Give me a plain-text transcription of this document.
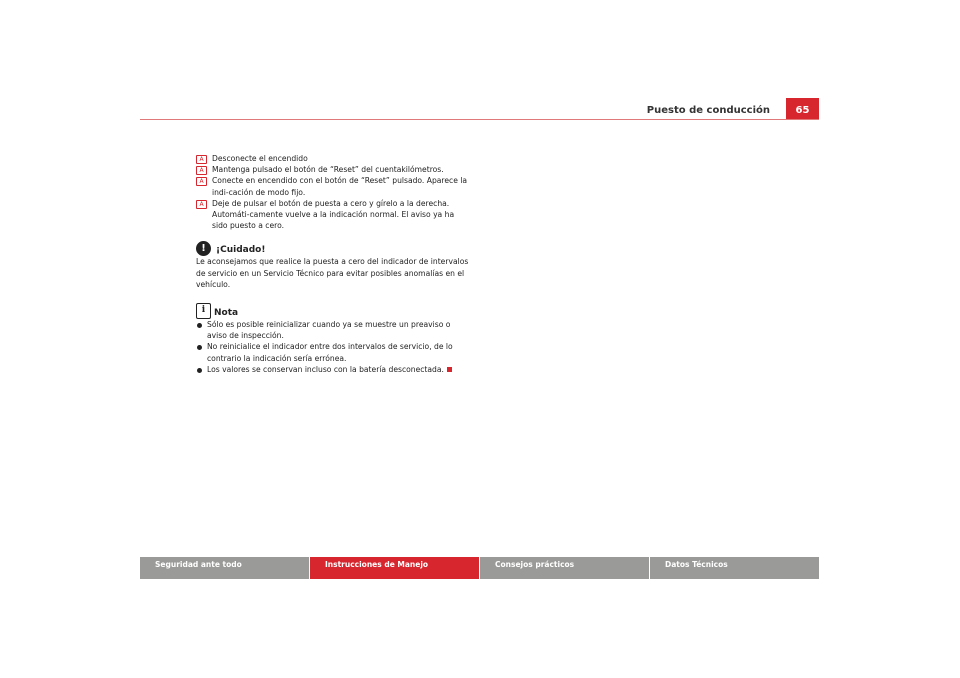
Puesto de conducción	65
A	Desconecte el encendido
A	Mantenga pulsado el botón de “Reset” del cuentakilómetros.
A	Conecte en encendido con el botón de “Reset” pulsado. Aparece la indi-cación de modo fijo.
A	Deje de pulsar el botón de puesta a cero y gírelo a la derecha. Automáti-camente vuelve a la indicación normal. El aviso ya ha sido puesto a cero.
!	¡Cuidado!
Le aconsejamos que realice la puesta a cero del indicador de intervalos de servicio en un Servicio Técnico para evitar posibles anomalías en el vehículo.
i Nota
Sólo es posible reinicializar cuando ya se muestre un preaviso o aviso de inspección.
No reinicialice el indicador entre dos intervalos de servicio, de lo contrario la indicación sería errónea.
Los valores se conservan incluso con la batería desconectada.
Seguridad ante todo	Instrucciones de Manejo	Consejos prácticos	Datos Técnicos
